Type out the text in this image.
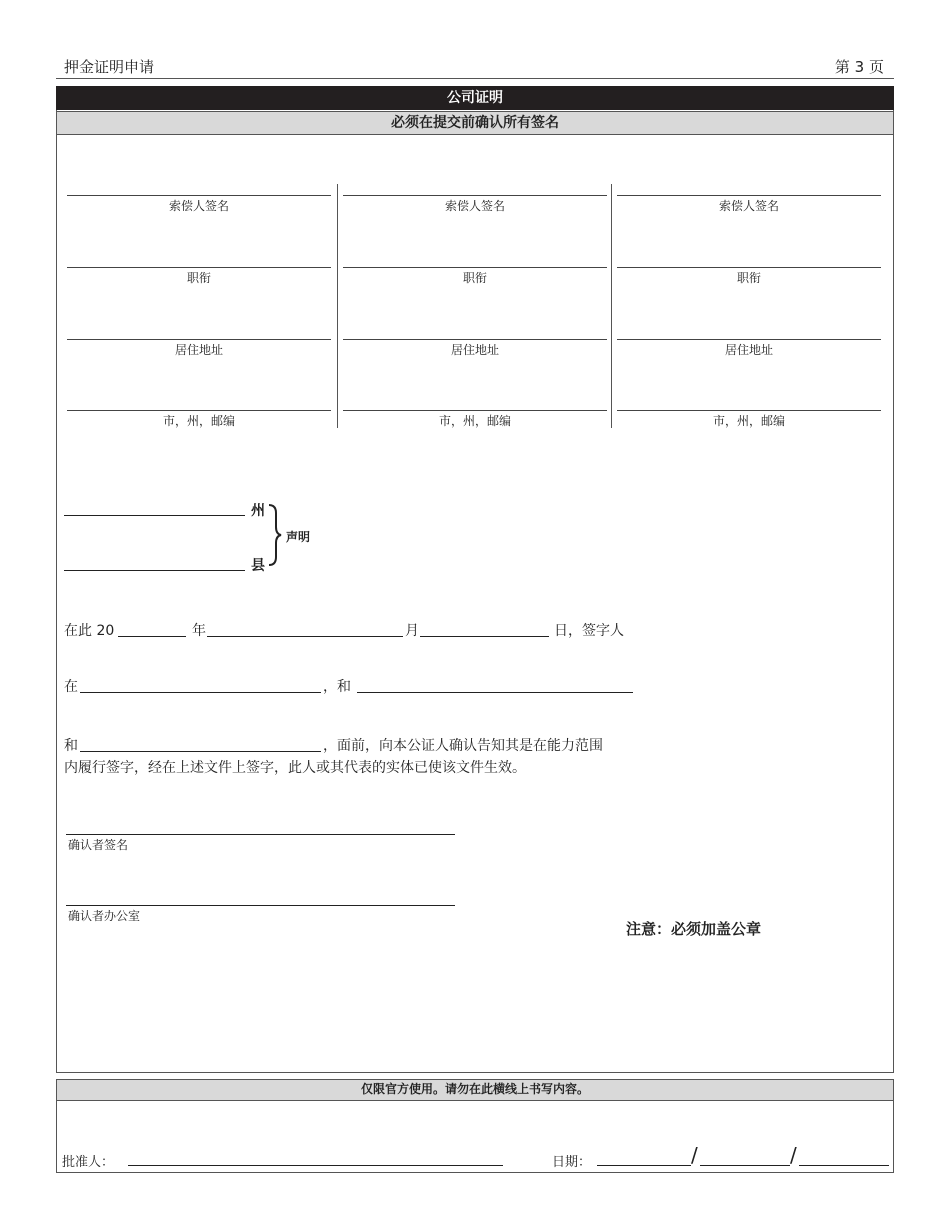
押金证明申请	第 3 页
公司证明
必须在提交前确认所有签名
索偿人签名
职衔
居住地址
市，州，邮编
索偿人签名
职衔
居住地址
市，州，邮编
索偿人签名
职衔
居住地址
市，州，邮编
州
县
声明
在此 20	年	月	日，签字人
在	，和
和	，面前，向本公证人确认告知其是在能力范围
内履行签字，经在上述文件上签字，此人或其代表的实体已使该文件生效。
确认者签名
确认者办公室
注意：必须加盖公章
仅限官方使用。请勿在此横线上书写内容。
批准人：	日期：	/	/
